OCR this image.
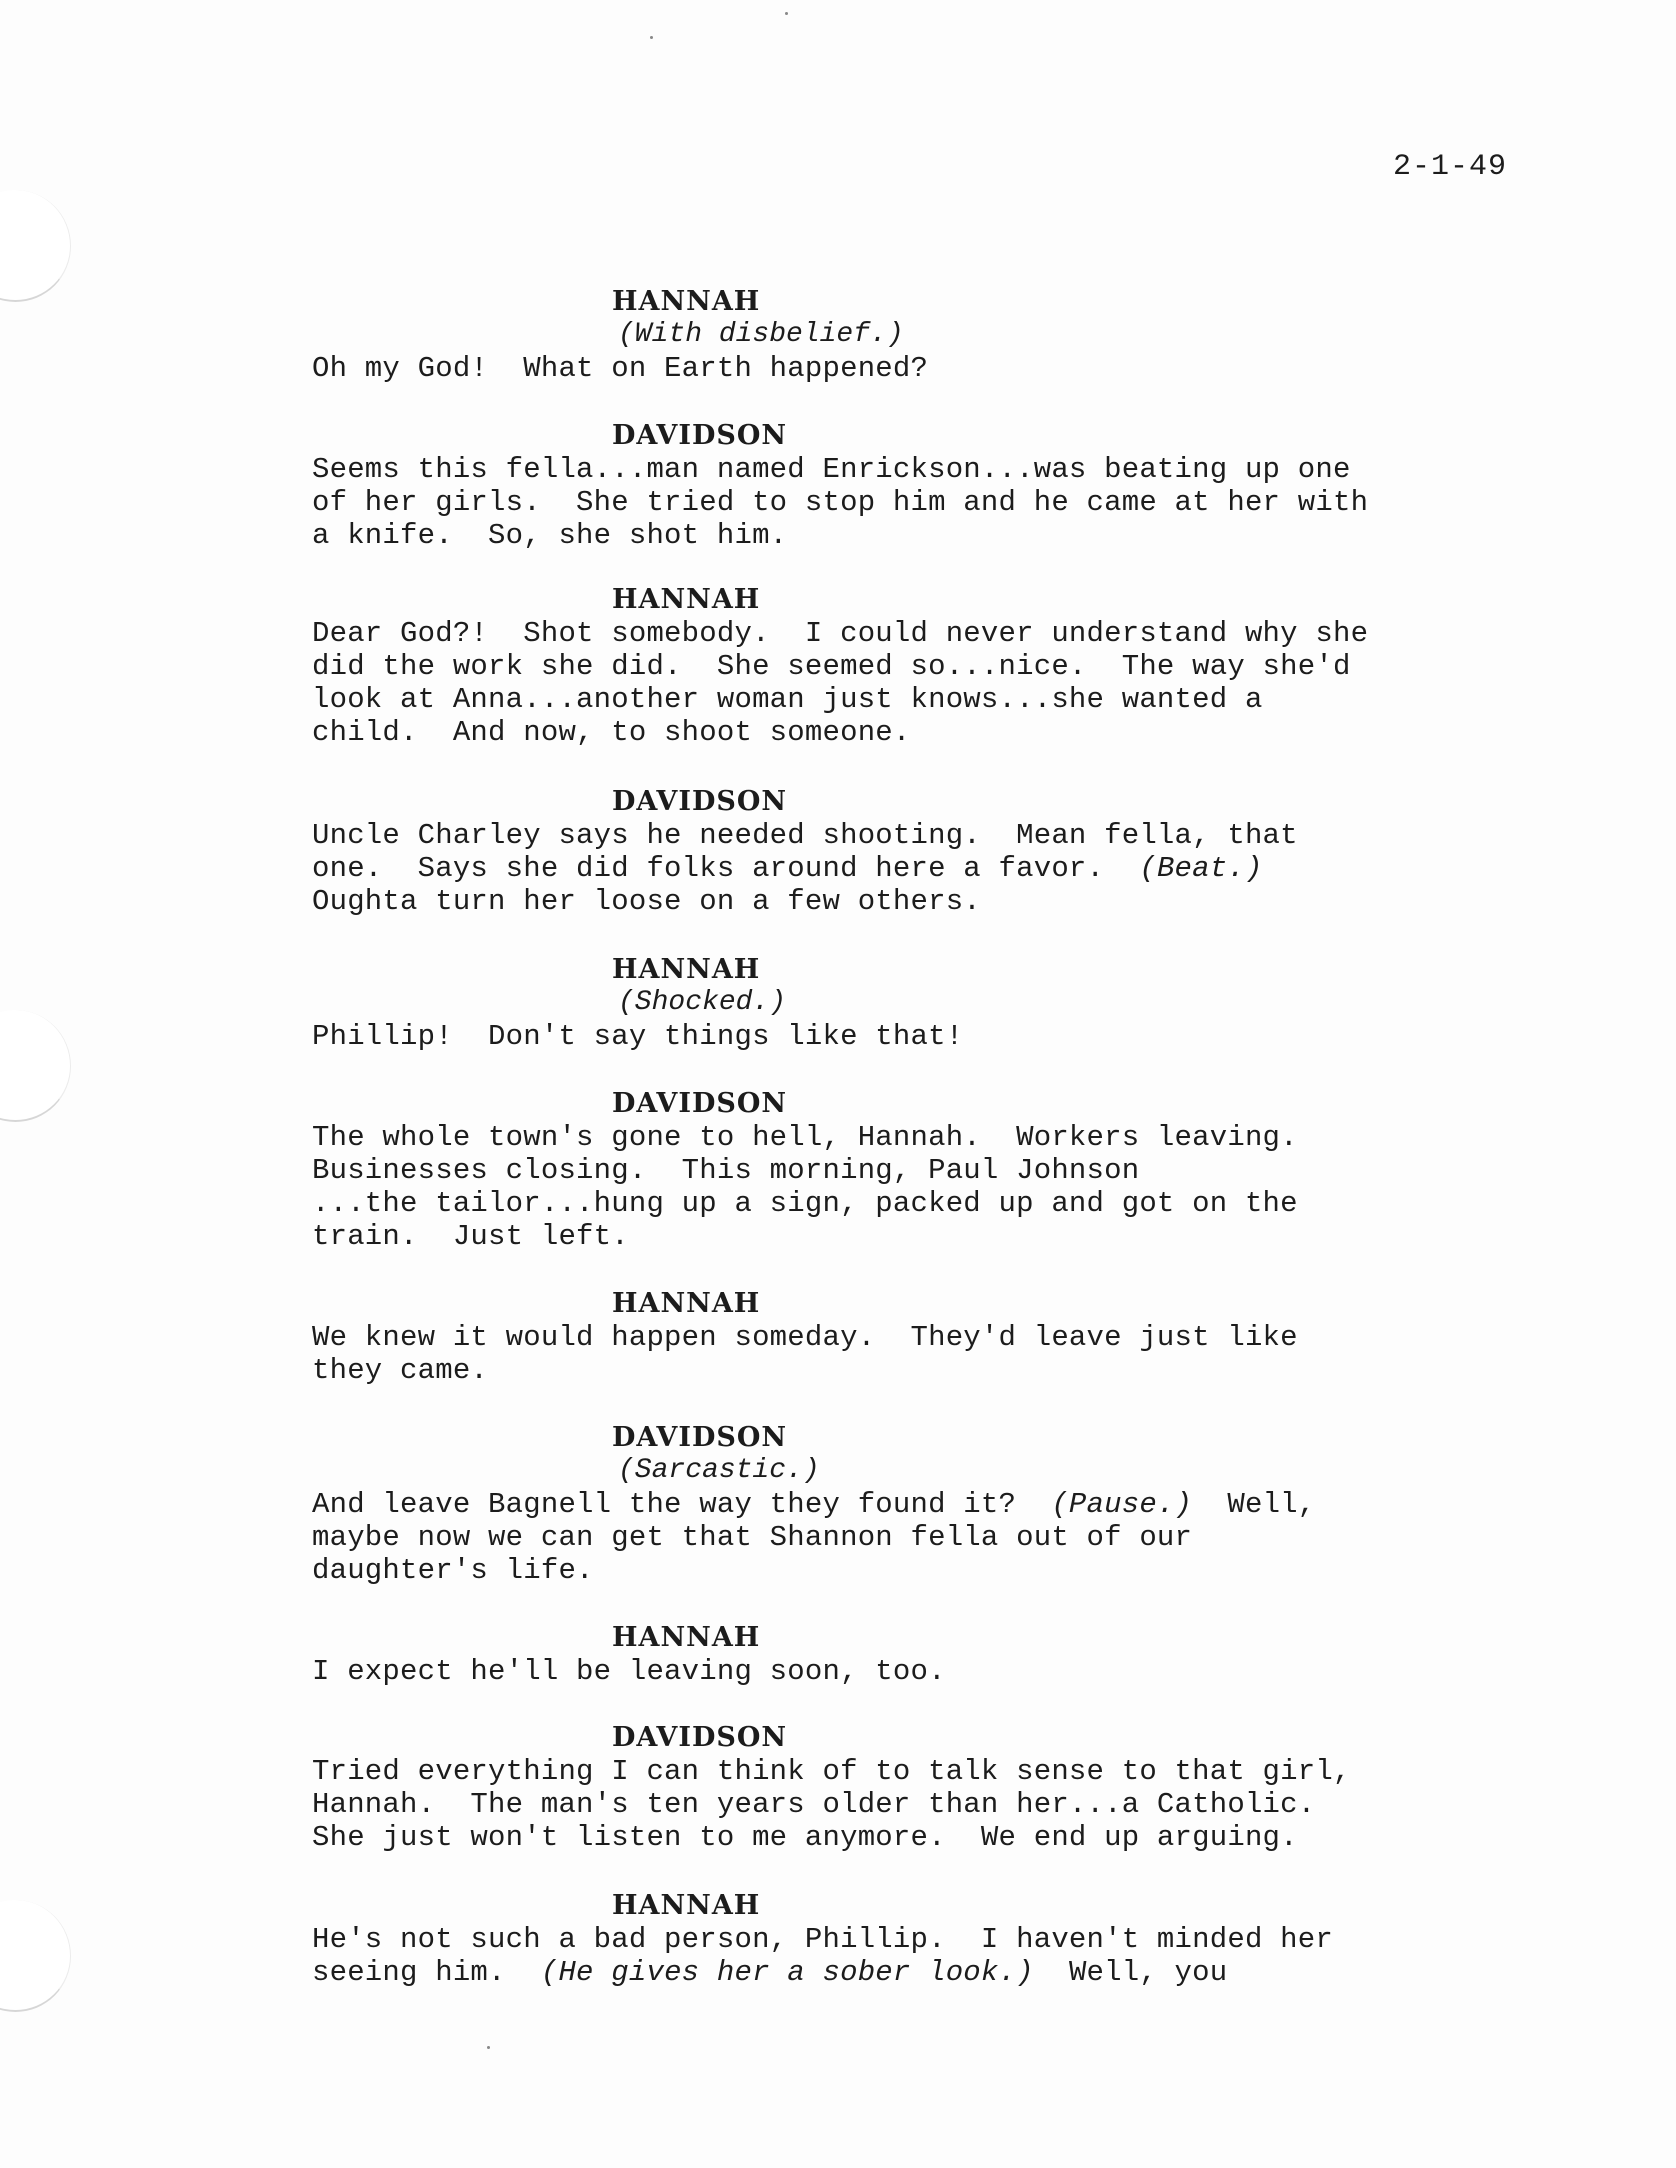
2-1-49
HANNAH
(With disbelief.)
Oh my God!  What on Earth happened?
DAVIDSON
Seems this fella...man named Enrickson...was beating up one
of her girls.  She tried to stop him and he came at her with
a knife.  So, she shot him.
HANNAH
Dear God?!  Shot somebody.  I could never understand why she
did the work she did.  She seemed so...nice.  The way she'd
look at Anna...another woman just knows...she wanted a
child.  And now, to shoot someone.
DAVIDSON
Uncle Charley says he needed shooting.  Mean fella, that
one.  Says she did folks around here a favor.  (Beat.)
Oughta turn her loose on a few others.
HANNAH
(Shocked.)
Phillip!  Don't say things like that!
DAVIDSON
The whole town's gone to hell, Hannah.  Workers leaving.
Businesses closing.  This morning, Paul Johnson
...the tailor...hung up a sign, packed up and got on the
train.  Just left.
HANNAH
We knew it would happen someday.  They'd leave just like
they came.
DAVIDSON
(Sarcastic.)
And leave Bagnell the way they found it?  (Pause.)  Well,
maybe now we can get that Shannon fella out of our
daughter's life.
HANNAH
I expect he'll be leaving soon, too.
DAVIDSON
Tried everything I can think of to talk sense to that girl,
Hannah.  The man's ten years older than her...a Catholic.
She just won't listen to me anymore.  We end up arguing.
HANNAH
He's not such a bad person, Phillip.  I haven't minded her
seeing him.  (He gives her a sober look.)  Well, you
